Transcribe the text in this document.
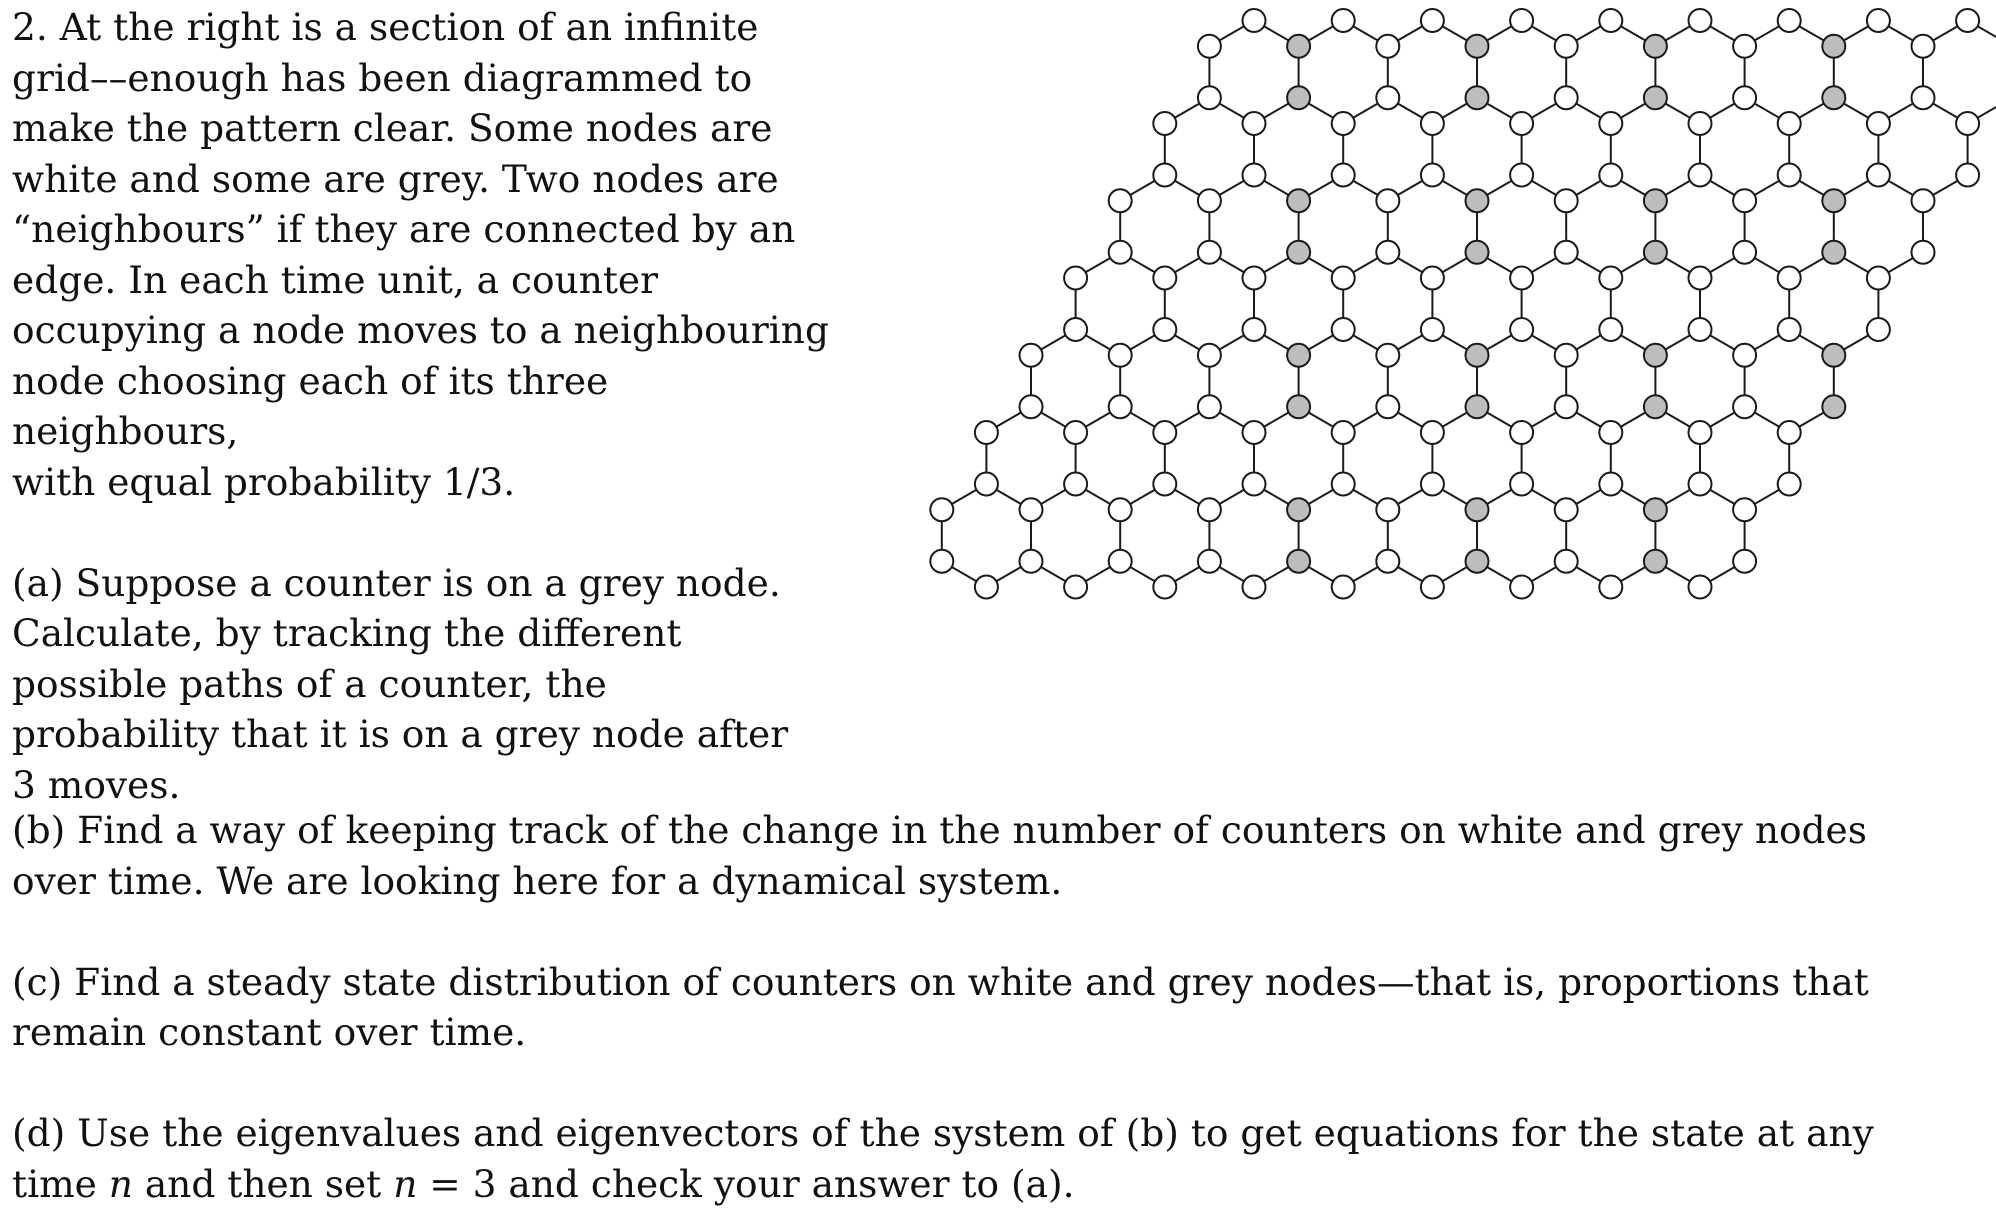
2. At the right is a section of an infinite

grid––enough has been diagrammed to

make the pattern clear. Some nodes are

white and some are grey. Two nodes are

“neighbours” if they are connected by an

edge. In each time unit, a counter

occupying a node moves to a neighbouring

node choosing each of its three neighbours,

with equal probability 1/3.

(a) Suppose a counter is on a grey node.

Calculate, by tracking the different

possible paths of a counter, the

probability that it is on a grey node after

3 moves.

(b) Find a way of keeping track of the change in the number of counters on white and grey nodes

over time. We are looking here for a dynamical system.

(c) Find a steady state distribution of counters on white and grey nodes—that is, proportions that

remain constant over time.

(d) Use the eigenvalues and eigenvectors of the system of (b) to get equations for the state at any

time n and then set n = 3 and check your answer to (a).
